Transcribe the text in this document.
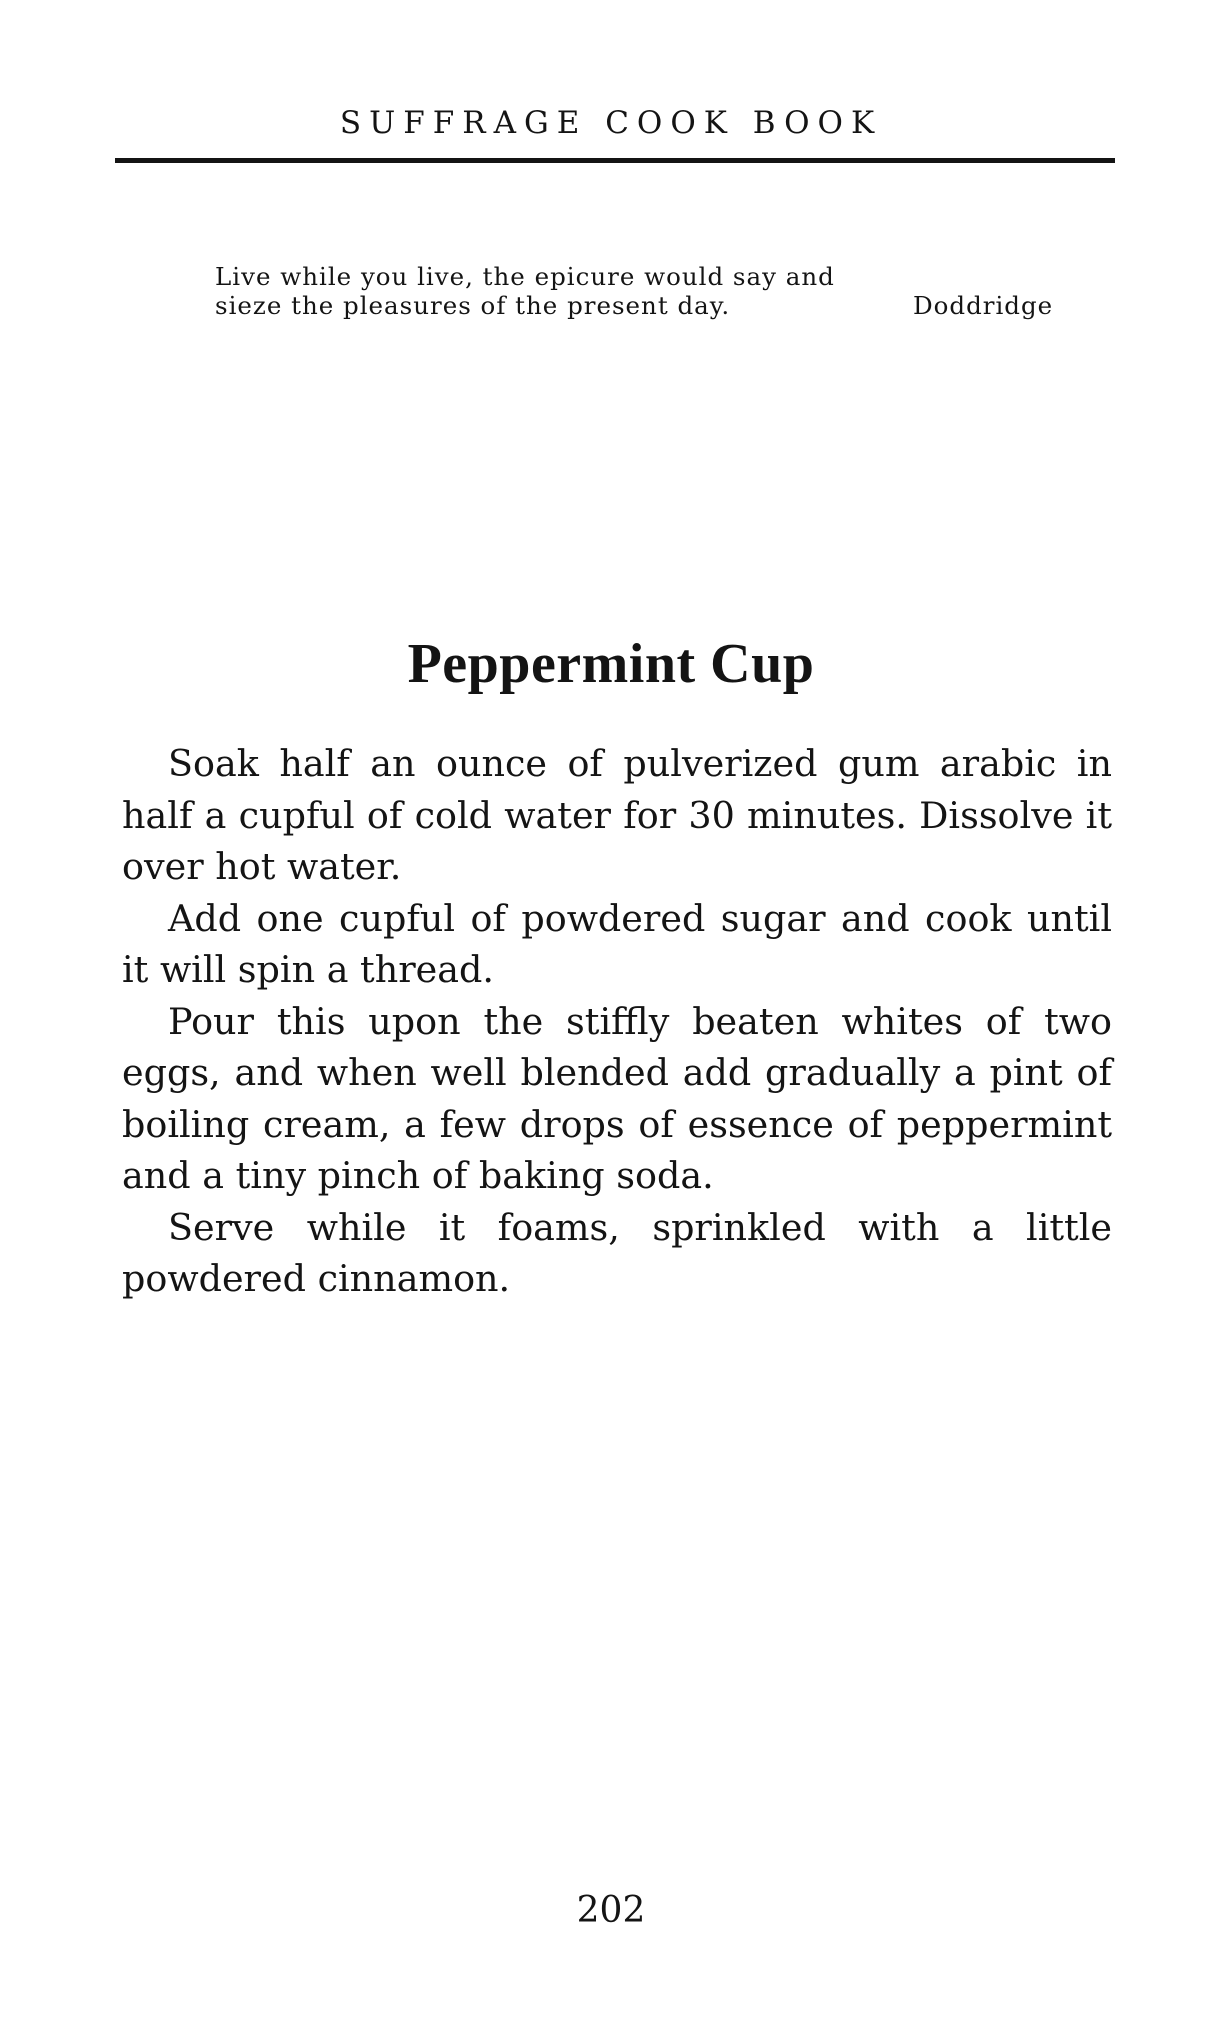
SUFFRAGE COOK BOOK
Live while you live, the epicure would say and
sieze the pleasures of the present day.	Doddridge
Peppermint Cup

Soak half an ounce of pulverized gum arabic in half a cupful of cold water for 30 minutes. Dissolve it over hot water.

Add one cupful of powdered sugar and cook until it will spin a thread.

Pour this upon the stiffly beaten whites of two eggs, and when well blended add gradually a pint of boiling cream, a few drops of essence of peppermint and a tiny pinch of baking soda.

Serve while it foams, sprinkled with a little powdered cinnamon.

202
